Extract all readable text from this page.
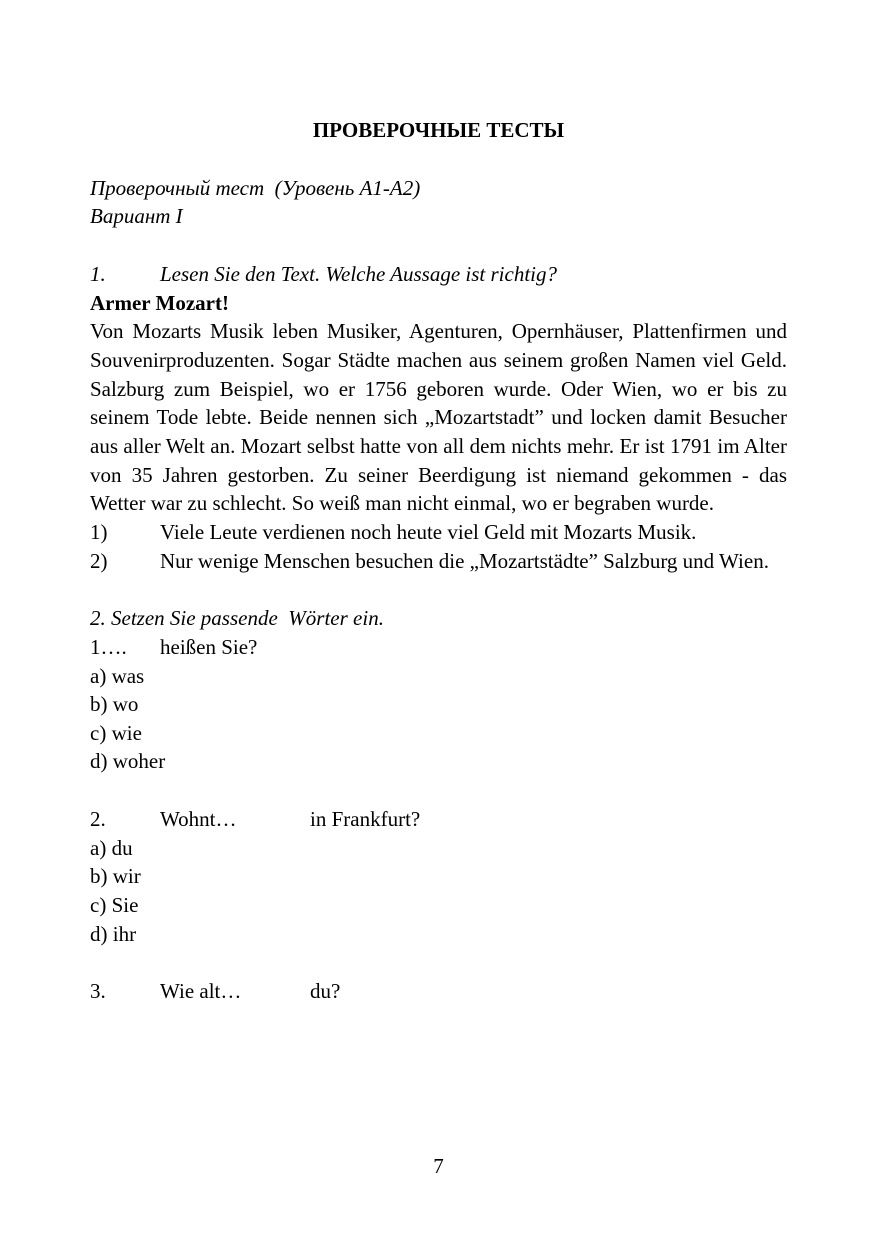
ПРОВЕРОЧНЫЕ ТЕСТЫ

Проверочный тест  (Уровень А1-А2)

Вариант I

1.	Lesen Sie den Text. Welche Aussage ist richtig?

Armer Mozart!

Von Mozarts Musik leben Musiker, Agenturen, Opernhäuser, Plattenfirmen und Souvenirproduzenten. Sogar Städte machen aus seinem großen Namen viel Geld. Salzburg zum Beispiel, wo er 1756 geboren wurde. Oder Wien, wo er bis zu seinem Tode lebte. Beide nennen sich „Mozartstadt” und locken damit Besucher aus aller Welt an. Mozart selbst hatte von all dem nichts mehr. Er ist 1791 im Alter von 35 Jahren gestorben. Zu seiner Beerdigung ist niemand gekommen - das Wetter war zu schlecht. So weiß man nicht einmal, wo er begraben wurde.

1)	Viele Leute verdienen noch heute viel Geld mit Mozarts Musik.

2)	Nur wenige Menschen besuchen die „Mozartstädte” Salzburg und Wien.

2. Setzen Sie passende  Wörter ein.

1…. heißen Sie?

a) was

b) wo

c) wie

d) woher

2.	Wohnt…	in Frankfurt?

a) du

b) wir

c) Sie

d) ihr

3.	Wie alt…	du?

7
